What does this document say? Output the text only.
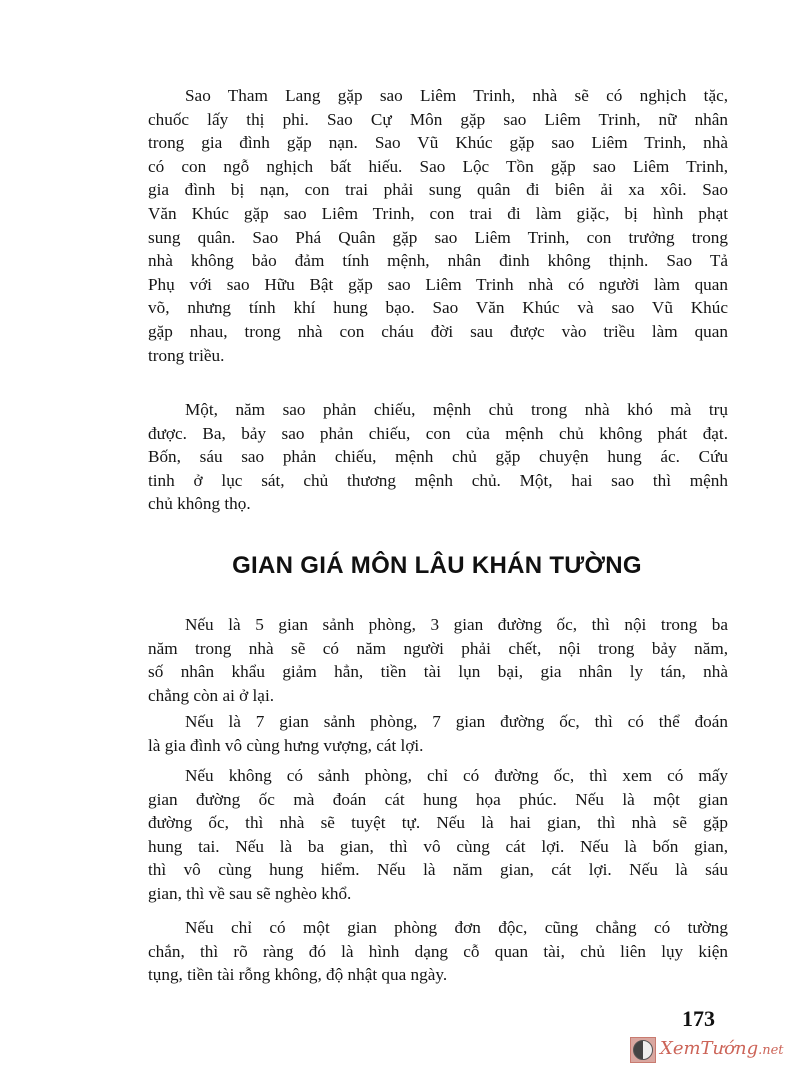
Sao Tham Lang gặp sao Liêm Trinh, nhà sẽ có nghịch tặc,
chuốc lấy thị phi. Sao Cự Môn gặp sao Liêm Trinh, nữ nhân
trong gia đình gặp nạn. Sao Vũ Khúc gặp sao Liêm Trinh, nhà
có con ngỗ nghịch bất hiếu. Sao Lộc Tồn gặp sao Liêm Trinh,
gia đình bị nạn, con trai phải sung quân đi biên ải xa xôi. Sao
Văn Khúc gặp sao Liêm Trinh, con trai đi làm giặc, bị hình phạt
sung quân. Sao Phá Quân gặp sao Liêm Trinh, con trưởng trong
nhà không bảo đảm tính mệnh, nhân đinh không thịnh. Sao Tả
Phụ với sao Hữu Bật gặp sao Liêm Trinh nhà có người làm quan
võ, nhưng tính khí hung bạo. Sao Văn Khúc và sao Vũ Khúc
gặp nhau, trong nhà con cháu đời sau được vào triều làm quan
trong triều.
Một, năm sao phản chiếu, mệnh chủ trong nhà khó mà trụ
được. Ba, bảy sao phản chiếu, con của mệnh chủ không phát đạt.
Bốn, sáu sao phản chiếu, mệnh chủ gặp chuyện hung ác. Cứu
tinh ở lục sát, chủ thương mệnh chủ. Một, hai sao thì mệnh
chủ không thọ.
GIAN GIÁ MÔN LÂU KHÁN TƯỜNG
Nếu là 5 gian sảnh phòng, 3 gian đường ốc, thì nội trong ba
năm trong nhà sẽ có năm người phải chết, nội trong bảy năm,
số nhân khẩu giảm hẳn, tiền tài lụn bại, gia nhân ly tán, nhà
chẳng còn ai ở lại.
Nếu là 7 gian sảnh phòng, 7 gian đường ốc, thì có thể đoán
là gia đình vô cùng hưng vượng, cát lợi.
Nếu không có sảnh phòng, chỉ có đường ốc, thì xem có mấy
gian đường ốc mà đoán cát hung họa phúc. Nếu là một gian
đường ốc, thì nhà sẽ tuyệt tự. Nếu là hai gian, thì nhà sẽ gặp
hung tai. Nếu là ba gian, thì vô cùng cát lợi. Nếu là bốn gian,
thì vô cùng hung hiểm. Nếu là năm gian, cát lợi. Nếu là sáu
gian, thì về sau sẽ nghèo khổ.
Nếu chỉ có một gian phòng đơn độc, cũng chẳng có tường
chắn, thì rõ ràng đó là hình dạng cỗ quan tài, chủ liên lụy kiện
tụng, tiền tài rỗng không, độ nhật qua ngày.
173
XemTướng.net
